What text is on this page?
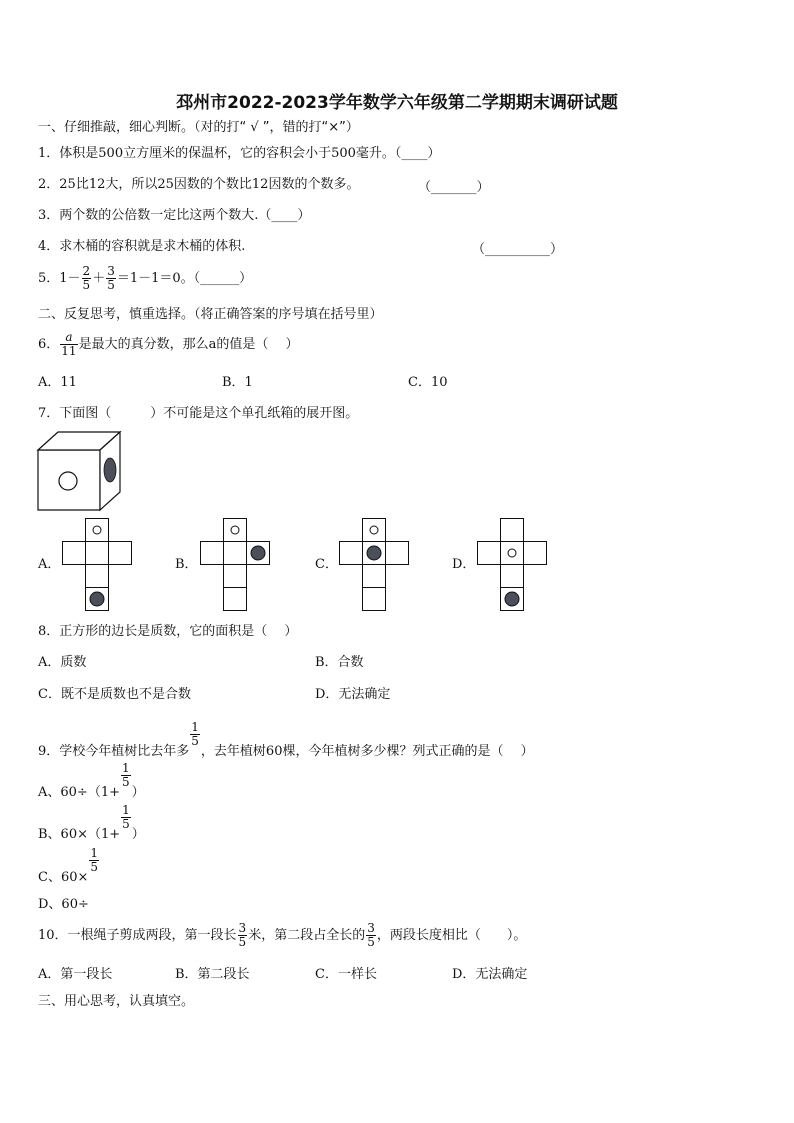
邳州市2022-2023学年数学六年级第二学期期末调研试题
一、仔细推敲，细心判断。（对的打“ √ ”，错的打“×”）
1．体积是500立方厘米的保温杯，它的容积会小于500毫升。（____）
2．25比12大，所以25因数的个数比12因数的个数多。	（_______）
3．两个数的公倍数一定比这两个数大.（____）
4．求木桶的容积就是求木桶的体积.	（__________）
5．$1- \frac{2}{5} + \frac{3}{5} =1-1=0$。（______）
二、反复思考，慎重选择。（将正确答案的序号填在括号里）
6． $\frac{a}{11}$ 是最大的真分数，那么a的值是（　 ）
A．11	B．1	C．10
7．下面图（　　　）不可能是这个单孔纸箱的展开图。
A．	B．	C．	D．
8．正方形的边长是质数，它的面积是（　 ）
A．质数	B．合数
C．既不是质数也不是合数	D．无法确定
9．学校今年植树比去年多
$\frac{1}{5}$
，去年植树60棵，今年植树多少棵？列式正确的是（　 ）
A、60÷（1+
$\frac{1}{5}$
）
B、60×（1+
$\frac{1}{5}$
）
C、60×
$\frac{1}{5}$
D、60÷
10．一根绳子剪成两段，第一段长 $\frac{3}{5}$ 米，第二段占全长的 $\frac{3}{5}$ ，两段长度相比（　　）。
A．第一段长	B．第二段长	C．一样长	D．无法确定
三、用心思考，认真填空。
